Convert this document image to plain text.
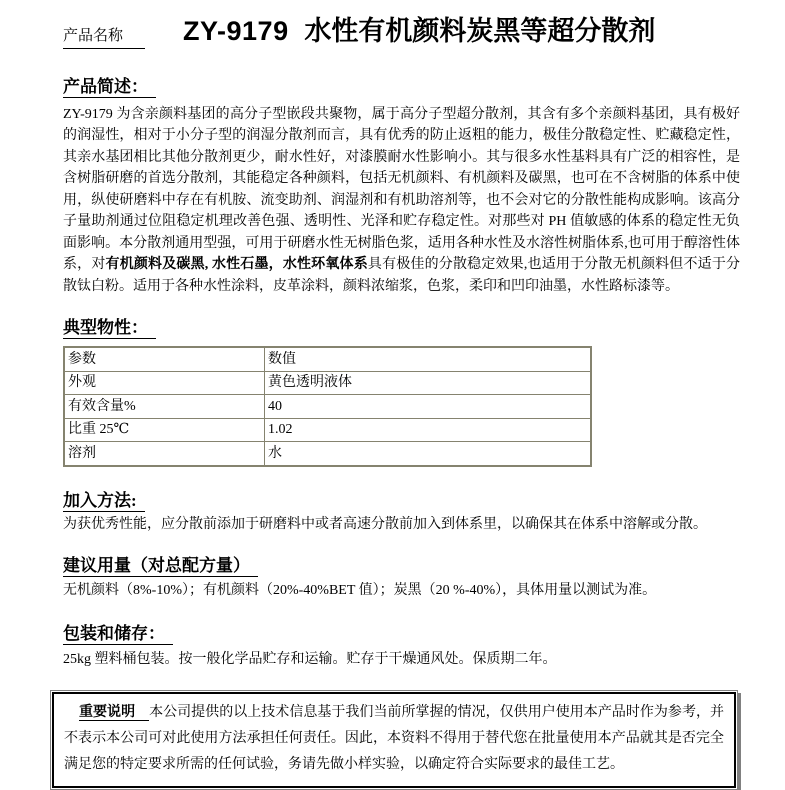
产品名称	ZY-9179 水性有机颜料炭黑等超分散剂
产品简述：

ZY-9179 为含亲颜料基团的高分子型嵌段共聚物，属于高分子型超分散剂，其含有多个亲颜料基团，具有极好的润湿性，相对于小分子型的润湿分散剂而言，具有优秀的防止返粗的能力，极佳分散稳定性、贮藏稳定性，其亲水基团相比其他分散剂更少，耐水性好，对漆膜耐水性影响小。其与很多水性基料具有广泛的相容性，是含树脂研磨的首选分散剂，其能稳定各种颜料，包括无机颜料、有机颜料及碳黑，也可在不含树脂的体系中使用，纵使研磨料中存在有机胺、流变助剂、润湿剂和有机助溶剂等，也不会对它的分散性能构成影响。该高分子量助剂通过位阻稳定机理改善色强、透明性、光泽和贮存稳定性。对那些对 PH 值敏感的体系的稳定性无负面影响。本分散剂通用型强，可用于研磨水性无树脂色浆，适用各种水性及水溶性树脂体系,也可用于醇溶性体系，对有机颜料及碳黑, 水性石墨，水性环氧体系具有极佳的分散稳定效果,也适用于分散无机颜料但不适于分散钛白粉。适用于各种水性涂料，皮革涂料，颜料浓缩浆，色浆，柔印和凹印油墨，水性路标漆等。

典型物性：
参数	数值
外观	黄色透明液体
有效含量%	40
比重 25℃	1.02
溶剂	水
加入方法:

为获优秀性能，应分散前添加于研磨料中或者高速分散前加入到体系里，以确保其在体系中溶解或分散。

建议用量（对总配方量）

无机颜料（8%-10%）；有机颜料（20%-40%BET 值）；炭黑（20 %-40%），具体用量以测试为准。

包装和储存：

25kg 塑料桶包装。按一般化学品贮存和运输。贮存于干燥通风处。保质期二年。

重要说明 本公司提供的以上技术信息基于我们当前所掌握的情况，仅供用户使用本产品时作为参考，并不表示本公司可对此使用方法承担任何责任。因此，本资料不得用于替代您在批量使用本产品就其是否完全满足您的特定要求所需的任何试验，务请先做小样实验，以确定符合实际要求的最佳工艺。
